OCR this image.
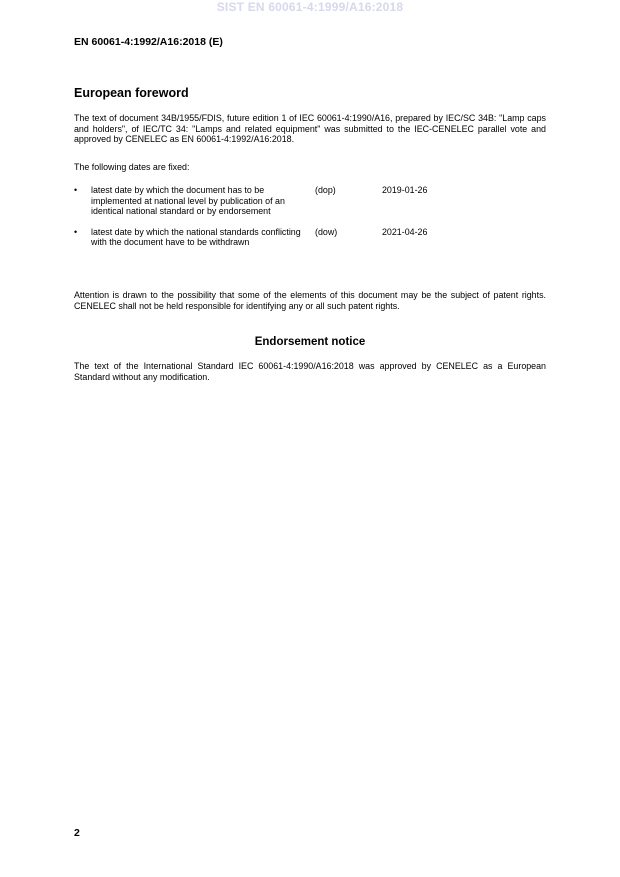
SIST EN 60061-4:1999/A16:2018
EN 60061-4:1992/A16:2018 (E)
European foreword

The text of document 34B/1955/FDIS, future edition 1 of IEC 60061-4:1990/A16, prepared by IEC/SC 34B: "Lamp caps and holders", of IEC/TC 34: "Lamps and related equipment" was submitted to the IEC-CENELEC parallel vote and approved by CENELEC as EN 60061-4:1992/A16:2018.

The following dates are fixed:

• latest date by which the document has to be implemented at national level by publication of an identical national standard or by endorsement
(dop)	2019-01-26
• latest date by which the national standards conflicting with the document have to be withdrawn
(dow)	2021-04-26

Attention is drawn to the possibility that some of the elements of this document may be the subject of patent rights. CENELEC shall not be held responsible for identifying any or all such patent rights.

Endorsement notice

The text of the International Standard IEC 60061-4:1990/A16:2018 was approved by CENELEC as a European Standard without any modification.

2
